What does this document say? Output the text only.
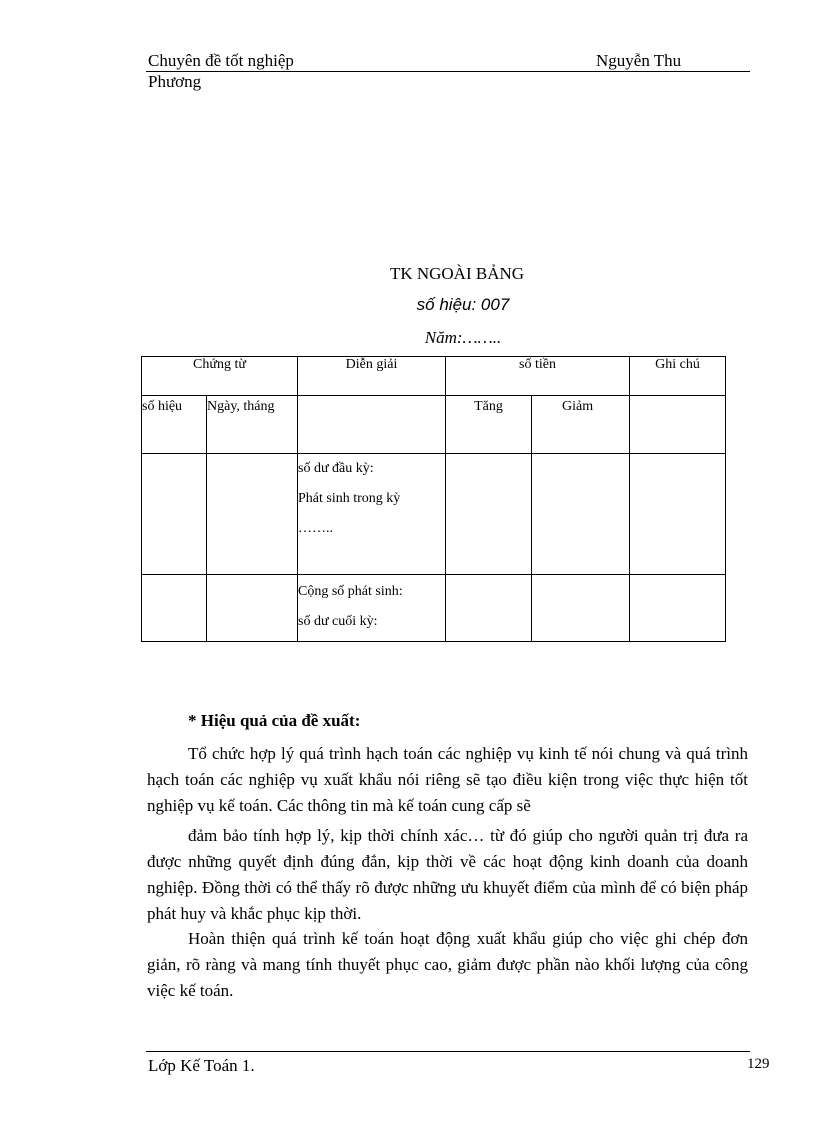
Chuyên đề tốt nghiệp
Phương
Nguyễn Thu
TK NGOÀI BẢNG
số hiệu: 007
Năm:……..
Chứng từ		Diễn giải	số tiền		Ghi chú
số hiệu	Ngày, tháng		Tăng	Giảm	

		số dư đầu kỳ:
Phát sinh trong kỳ
……..			

		Cộng số phát sinh:
số dư cuối kỳ:			

* Hiệu quả của đề xuất:
Tổ chức hợp lý quá trình hạch toán các nghiệp vụ kinh tế nói chung và quá trình hạch toán các nghiệp vụ xuất khẩu nói riêng sẽ tạo điều kiện trong việc thực hiện tốt nghiệp vụ kế toán. Các thông tin mà kế toán cung cấp sẽ
đảm bảo tính hợp lý, kịp thời chính xác… từ đó giúp cho người quản trị đưa ra được những quyết định đúng đắn, kịp thời về các hoạt động kinh doanh của doanh nghiệp. Đồng thời có thể thấy rõ được những ưu khuyết điểm của mình để có biện pháp phát huy và khắc phục kịp thời.
Hoàn thiện quá trình kế toán hoạt động xuất khẩu giúp cho việc ghi chép đơn giản, rõ ràng và mang tính thuyết phục cao, giảm được phần nào khối lượng của công việc kế toán.
Lớp Kế Toán 1.	129
